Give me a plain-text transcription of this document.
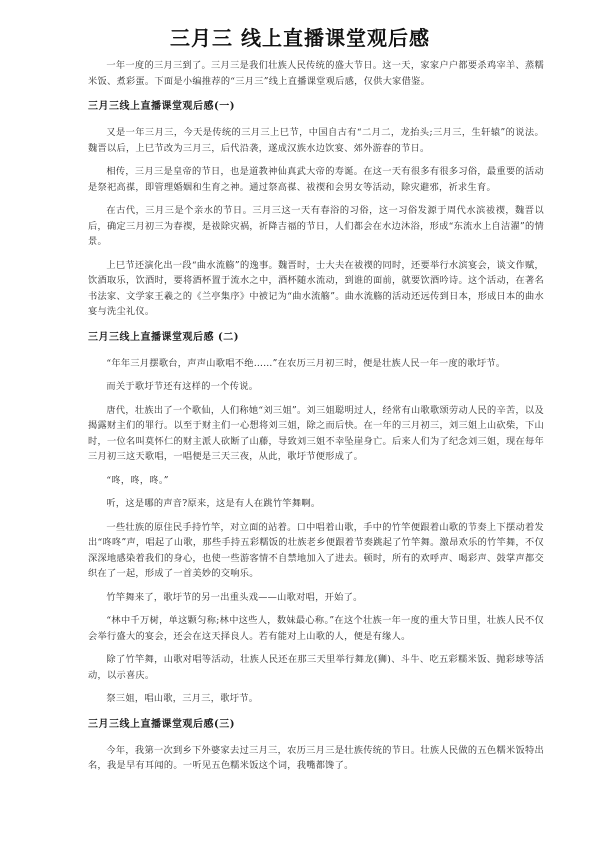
三月三 线上直播课堂观后感

一年一度的三月三到了。三月三是我们壮族人民传统的盛大节日。这一天，家家户户都要杀鸡宰羊、蒸糯米饭、煮彩蛋。下面是小编推荐的“三月三”线上直播课堂观后感，仅供大家借鉴。

三月三线上直播课堂观后感(一)

又是一年三月三，今天是传统的三月三上巳节，中国自古有“二月二，龙抬头;三月三，生轩辕”的说法。魏晋以后，上巳节改为三月三，后代沿袭，遂成汉族水边饮宴、郊外游春的节日。

相传，三月三是皇帝的节日，也是道教神仙真武大帝的寿诞。在这一天有很多有很多习俗，最重要的活动是祭祀高禖，即管理婚姻和生育之神。通过祭高禖、祓禊和会男女等活动，除灾避邪，祈求生育。

在古代，三月三是个亲水的节日。三月三这一天有春浴的习俗，这一习俗发源于周代水滨祓禊，魏晋以后，确定三月初三为春禊，是祓除灾祸，祈降吉福的节日，人们都会在水边沐浴，形成“东流水上自洁濯”的情景。

上巳节还演化出一段“曲水流觞”的逸事。魏晋时，士大夫在祓禊的同时，还要举行水滨宴会，谈文作赋，饮酒取乐，饮酒时，要将酒杯置于流水之中，酒杯随水流动，到谁的面前，就要饮酒吟诗。这个活动，在著名书法家、文学家王羲之的《兰亭集序》中被记为“曲水流觞”。曲水流觞的活动还远传到日本，形成日本的曲水宴与洗尘礼仪。

三月三线上直播课堂观后感 (二)

“年年三月摆歌台，声声山歌唱不绝……”在农历三月初三时，便是壮族人民一年一度的歌圩节。

而关于歌圩节还有这样的一个传说。

唐代，壮族出了一个歌仙，人们称她“刘三姐”。刘三姐聪明过人，经常有山歌歌颂劳动人民的辛苦，以及揭露财主们的罪行。以至于财主们一心想将刘三姐，除之而后快。在一年的三月初三，刘三姐上山砍柴，下山时，一位名叫莫怀仁的财主派人砍断了山藤，导致刘三姐不幸坠崖身亡。后来人们为了纪念刘三姐，现在每年三月初三这天歌唱，一唱便是三天三夜，从此，歌圩节便形成了。

“咚，咚，咚。”

听，这是哪的声音?原来，这是有人在跳竹竿舞啊。

一些壮族的原住民手持竹竿，对立面的站着。口中唱着山歌，手中的竹竿便跟着山歌的节奏上下摆动着发出“咚咚”声，唱起了山歌，那些手持五彩糯饭的壮族老乡便跟着节奏跳起了竹竿舞。激昂欢乐的竹竿舞，不仅深深地感染着我们的身心，也使一些游客情不自禁地加入了进去。顿时，所有的欢呼声、喝彩声、鼓掌声都交织在了一起，形成了一首美妙的交响乐。

竹竿舞来了，歌圩节的另一出重头戏——山歌对唱，开始了。

“林中千万树，单这颗匀称;林中这些人，数妹最心称。”在这个壮族一年一度的重大节日里，壮族人民不仅会举行盛大的宴会，还会在这天择良人。若有能对上山歌的人，便是有缘人。

除了竹竿舞，山歌对唱等活动，壮族人民还在那三天里举行舞龙(狮)、斗牛、吃五彩糯米饭、抛彩球等活动，以示喜庆。

祭三姐，唱山歌，三月三，歌圩节。

三月三线上直播课堂观后感(三)

今年，我第一次到乡下外婆家去过三月三，农历三月三是壮族传统的节日。壮族人民做的五色糯米饭特出名，我是早有耳闻的。一听见五色糯米饭这个词，我嘴都馋了。
